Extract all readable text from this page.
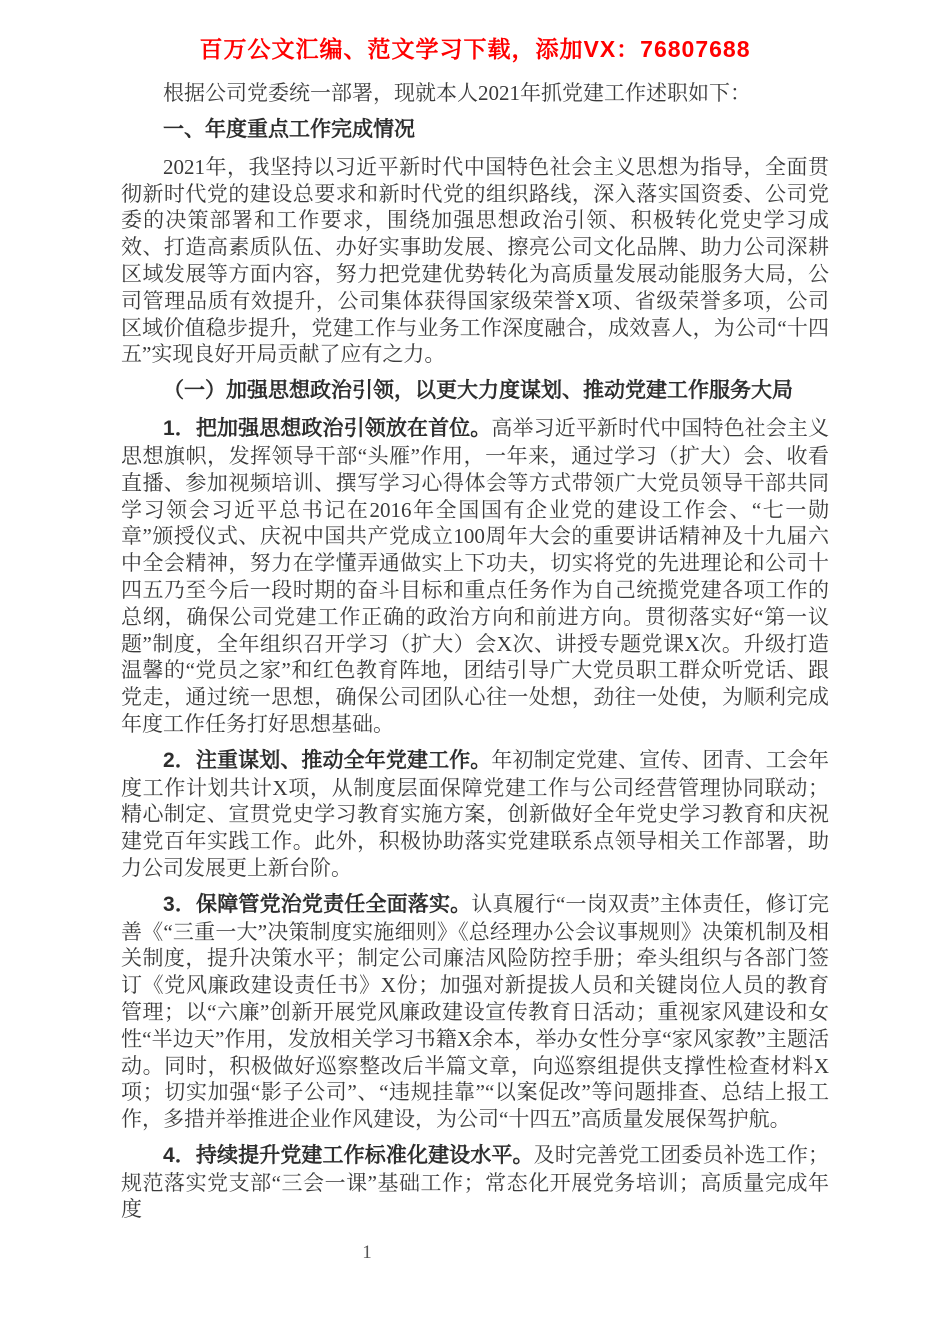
百万公文汇编、范文学习下载，添加VX：76807688

根据公司党委统一部署，现就本人2021年抓党建工作述职如下：

一、年度重点工作完成情况

2021年，我坚持以习近平新时代中国特色社会主义思想为指导，全面贯彻新时代党的建设总要求和新时代党的组织路线，深入落实国资委、公司党委的决策部署和工作要求，围绕加强思想政治引领、积极转化党史学习成效、打造高素质队伍、办好实事助发展、擦亮公司文化品牌、助力公司深耕区域发展等方面内容，努力把党建优势转化为高质量发展动能服务大局，公司管理品质有效提升，公司集体获得国家级荣誉X项、省级荣誉多项，公司区域价值稳步提升，党建工作与业务工作深度融合，成效喜人，为公司“十四五”实现良好开局贡献了应有之力。

（一）加强思想政治引领，以更大力度谋划、推动党建工作服务大局

1．把加强思想政治引领放在首位。高举习近平新时代中国特色社会主义思想旗帜，发挥领导干部“头雁”作用，一年来，通过学习（扩大）会、收看直播、参加视频培训、撰写学习心得体会等方式带领广大党员领导干部共同学习领会习近平总书记在2016年全国国有企业党的建设工作会、“七一勋章”颁授仪式、庆祝中国共产党成立100周年大会的重要讲话精神及十九届六中全会精神，努力在学懂弄通做实上下功夫，切实将党的先进理论和公司十四五乃至今后一段时期的奋斗目标和重点任务作为自己统揽党建各项工作的总纲，确保公司党建工作正确的政治方向和前进方向。贯彻落实好“第一议题”制度，全年组织召开学习（扩大）会X次、讲授专题党课X次。升级打造温馨的“党员之家”和红色教育阵地，团结引导广大党员职工群众听党话、跟党走，通过统一思想，确保公司团队心往一处想，劲往一处使，为顺利完成年度工作任务打好思想基础。

2．注重谋划、推动全年党建工作。年初制定党建、宣传、团青、工会年度工作计划共计X项，从制度层面保障党建工作与公司经营管理协同联动；精心制定、宣贯党史学习教育实施方案，创新做好全年党史学习教育和庆祝建党百年实践工作。此外，积极协助落实党建联系点领导相关工作部署，助力公司发展更上新台阶。

3．保障管党治党责任全面落实。认真履行“一岗双责”主体责任，修订完善《“三重一大”决策制度实施细则》《总经理办公会议事规则》决策机制及相关制度，提升决策水平；制定公司廉洁风险防控手册；牵头组织与各部门签订《党风廉政建设责任书》X份；加强对新提拔人员和关键岗位人员的教育管理；以“六廉”创新开展党风廉政建设宣传教育日活动；重视家风建设和女性“半边天”作用，发放相关学习书籍X余本，举办女性分享“家风家教”主题活动。同时，积极做好巡察整改后半篇文章，向巡察组提供支撑性检查材料X项；切实加强“影子公司”、“违规挂靠”“以案促改”等问题排查、总结上报工作，多措并举推进企业作风建设，为公司“十四五”高质量发展保驾护航。

4．持续提升党建工作标准化建设水平。及时完善党工团委员补选工作；规范落实党支部“三会一课”基础工作；常态化开展党务培训；高质量完成年度

1
